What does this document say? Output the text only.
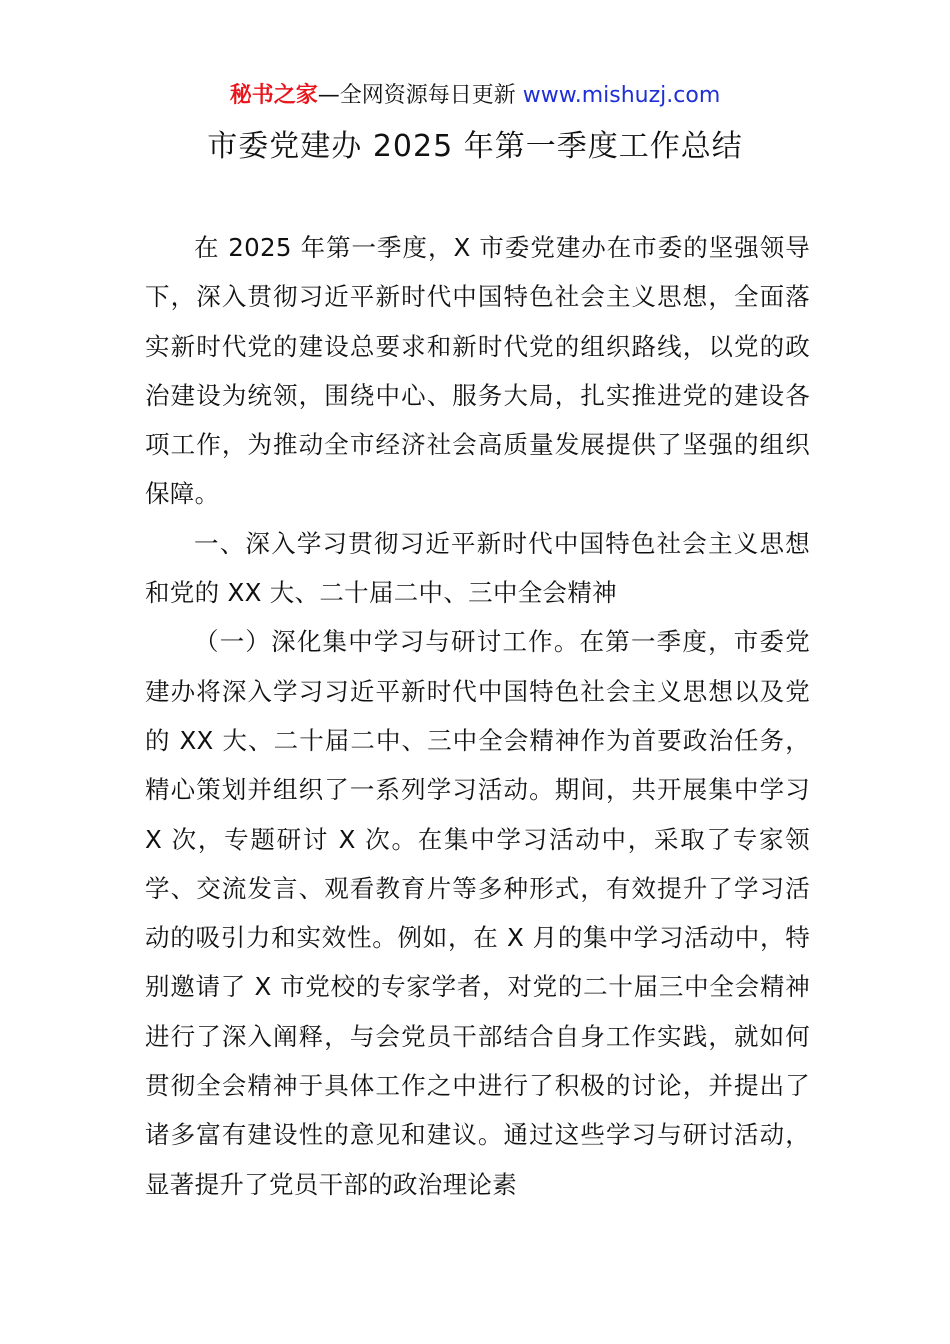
秘书之家—全网资源每日更新 www.mishuzj.com
市委党建办 2025 年第一季度工作总结

在 2025 年第一季度，X 市委党建办在市委的坚强领导下，深入贯彻习近平新时代中国特色社会主义思想，全面落实新时代党的建设总要求和新时代党的组织路线，以党的政治建设为统领，围绕中心、服务大局，扎实推进党的建设各项工作，为推动全市经济社会高质量发展提供了坚强的组织保障。

一、深入学习贯彻习近平新时代中国特色社会主义思想和党的 XX 大、二十届二中、三中全会精神

（一）深化集中学习与研讨工作。在第一季度，市委党建办将深入学习习近平新时代中国特色社会主义思想以及党的 XX 大、二十届二中、三中全会精神作为首要政治任务，精心策划并组织了一系列学习活动。期间，共开展集中学习 X 次，专题研讨 X 次。在集中学习活动中，采取了专家领学、交流发言、观看教育片等多种形式，有效提升了学习活动的吸引力和实效性。例如，在 X 月的集中学习活动中，特别邀请了 X 市党校的专家学者，对党的二十届三中全会精神进行了深入阐释，与会党员干部结合自身工作实践，就如何贯彻全会精神于具体工作之中进行了积极的讨论，并提出了诸多富有建设性的意见和建议。通过这些学习与研讨活动，显著提升了党员干部的政治理论素
